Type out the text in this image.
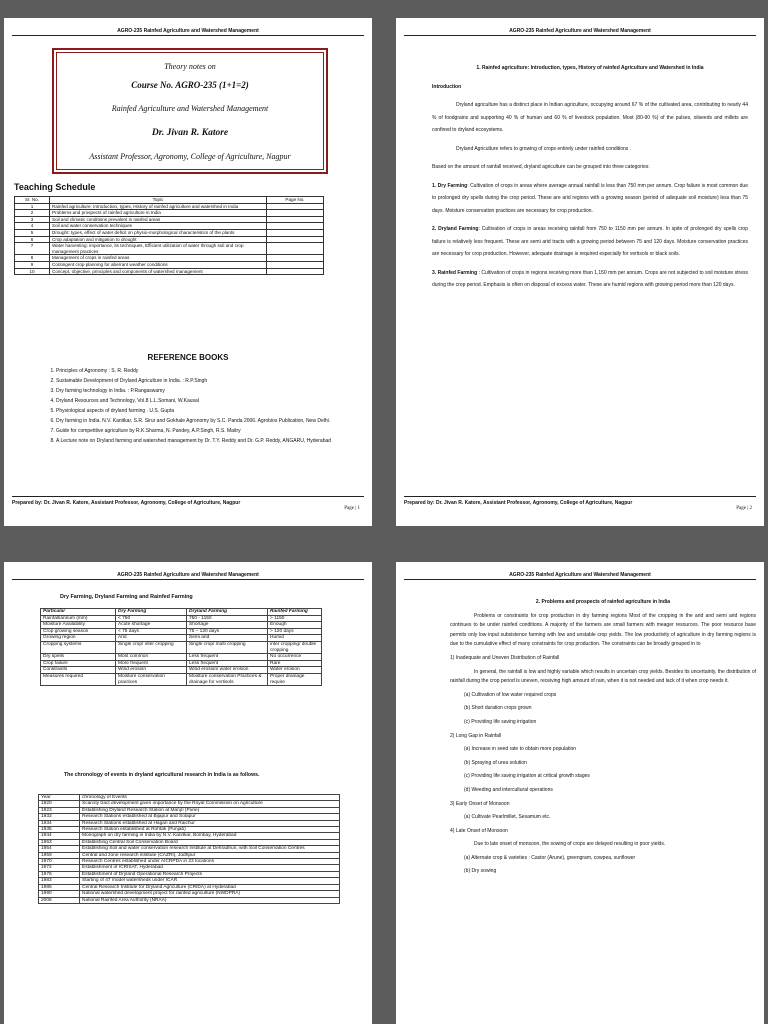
AGRO-235 Rainfed Agriculture and Watershed Management
Theory notes on
Course No. AGRO-235 (1+1=2)
Rainfed Agriculture and Watershed Management
Dr. Jivan R. Katore
Assistant Professor, Agronomy, College of Agriculture, Nagpur
Teaching Schedule
Sr. No.	Topic	Page No.
1	Rainfed agriculture: Introduction, types, History of rainfed agriculture and watershed in India	
2	Problems and prospects of rainfed agriculture in India	
3	Soil and climatic conditions prevalent in rainfed areas	
4	Soil and water conservation techniques	
5	Drought: types, effect of water deficit on physio-morphological characteristics of the plants	
6	Crop adaptation and mitigation to drought	
7	Water harvesting: importance, its techniques, Efficient utilization of water through soil and crop management practices	
8	Management of crops in rainfed areas	
9	Contingent crop planning for aberrant weather conditions	
10	Concept, objective, principles and components of watershed management	
REFERENCE BOOKS
1. Principles of Agronomy : S. R. Reddy
2. Sustainable Development of Dryland Agriculture in India. : R.P.Singh
3. Dry farming technology in India. : P.Rangaswamy
4. Dryland Resources and Technology, Vol.8 L.L.Somani, W.Kausal
5. Physiological aspects of dryland farming . U.S. Gupta
6. Dry farming in India. N.V. Kanitkar, S.R. Sirur and Gokhale Agronomy by S.C. Panda 2006. Agrobios Publication, New Delhi.
7. Guide for competitive agriculture by R.K.Sharma, N. Pandey, A.P.Singh, R.S. Maitry
8. A Lecture note on Dryland farming and watershed management by Dr. T.Y. Reddy and Dr. G.P. Reddy, ANGARU, Hyderabad
Prepared by: Dr. Jivan R. Katore, Assistant Professor, Agronomy, College of Agriculture, Nagpur
Page | 1
AGRO-235 Rainfed Agriculture and Watershed Management

1. Rainfed agriculture: Introduction, types, History of rainfed Agriculture and Watershed in India

Introduction

Dryland agriculture has a distinct place in Indian agriculture, occupying around 67 % of the cultivated area, contributing to nearly 44 % of foodgrains and supporting 40 % of human and 60 % of livestock population. Most (80-90 %) of the pulses, oilseeds and millets are confined to dryland ecosystems.

Dryland Agriculture refers to growing of crops entirely under rainfed conditions .

Based on the amount of rainfall received, dryland agriculture can be grouped into three categories:

1. Dry Farming: Cultivation of crops in areas where average annual rainfall is less than 750 mm per annum. Crop failure is most common due to prolonged dry spells during the crop period. These are arid regions with a growing season (period of adequate soil moisture) less than 75 days. Moisture conservation practices are necessary for crop production.

2. Dryland Farming: Cultivation of crops in areas receiving rainfall from 750 to 1150 mm per annum. In spite of prolonged dry spells crop failure is relatively less frequent. These are semi arid tracts with a growing period between 75 and 120 days. Moisture conservation practices are necessary for crop production. However, adequate drainage is required especially for vertisols or black soils.

3. Rainfed Farming : Cultivation of crops in regions receiving more than 1,150 mm per annum. Crops are not subjected to soil moisture stress during the crop period. Emphasis is often on disposal of excess water. These are humid regions with growing period more than 120 days.

Prepared by: Dr. Jivan R. Katore, Assistant Professor, Agronomy, College of Agriculture, Nagpur
Page | 2
AGRO-235 Rainfed Agriculture and Watershed Management
Dry Farming, Dryland Farming and Rainfed Farming
Particular	Dry Farming	Dryland Farming	Rainfed Farming
Rainfall/annum (mm)	< 750	750 - 1150	> 1150
Moisture Availability	Acute shortage	Shortage	Enough
Crop growing season	< 75 days	75 – 120 days	> 120 days
Growing region	Arid	Semi arid	Humid
Cropping systems	Single crop/ inter cropping	Single crop/ multi cropping	inter cropping/ double cropping
Dry spells	Most common	Less frequent	No occurrence
Crop failure	More frequent	Less frequent	Rare
Constraints	Wind erosion	Wind erosion/ water erosion	Water erosion
Measures required	Moisture conservation practices	Moisture conservation Practices & drainage for vertisols	Proper drainage require
The chronology of events in dryland agricultural research in India is as follows.
Year	chronology of Events
1920	Scarcity tract development given importance by the Royal Commission on Agriculture
1923	Establishing Dryland Research Station at Manjri (Pune)
1933	Research Stations established at Bijapur and Solapur
1934	Research Stations established at Hagari and Raichur
1935	Research Station established at Rohtak (Punjab)
1944	Monograph on dry farming in India by N.V. Kanitkar, Bombay, Hyderabad
1953	Establishing Central Soil Conservation Board
1954	Establishing Soil and water conservation research institute at Dehradhun, with Soil Conservation Centres
1959	Central arid zone research institute (CAZRI), Jodhpur
1970	Research Centres established under AICRPDA in 23 locations
1972	Establishment of ICRISAT, Hyderabad
1976	Establishment of Dryland Operational Research Projects
1983	Starting of 47 model watersheds under ICAR
1985	Central Research Institute for Dryland Agriculture (CRIDA) at Hyderabad
1990	National watershed development project for rainfed agriculture (NWDPRA)
2006	National Rainfed Area Authority (NRAA)
AGRO-235 Rainfed Agriculture and Watershed Management

2. Problems and prospects of rainfed agriculture in India

Problems or constraints for crop production in dry farming regions Most of the cropping in the arid and semi arid regions continues to be under rainfed conditions. A majority of the farmers are small farmers with meager resources. The poor resource base permits only low input subsistence farming with low and unstable crop yields. The low productivity of agriculture in dry farming regions is due to the cumulative effect of many constraints for crop production. The constraints can be broadly grouped in to

1) Inadequate and Uneven Distribution of Rainfall

In general, the rainfall is low and highly variable which results in uncertain crop yields. Besides its uncertainty, the distribution of rainfall during the crop period is uneven, receiving high amount of rain, when it is not needed and lack of it when crop needs it.

(a) Cultivation of low water required crops

(b) Short duration crops grown

(c) Providing life saving irrigation

2) Long Gap in Rainfall

(a) Increase in seed rate to obtain more population

(b) Spraying of urea solution

(c) Providing life saving irrigation at critical growth stages

(d) Weeding and intercultural operations

3) Early Onset of Monsoon

(a) Cultivate Pearlmillet, Sesamum etc.

4) Late Onset of Monsoon

Due to late onset of monsoon, the sowing of crops are delayed resulting in poor yields.

(a) Alternate crop & varieties : Castor (Arune), greengram, cowpea, sunflower

(b) Dry sowing
